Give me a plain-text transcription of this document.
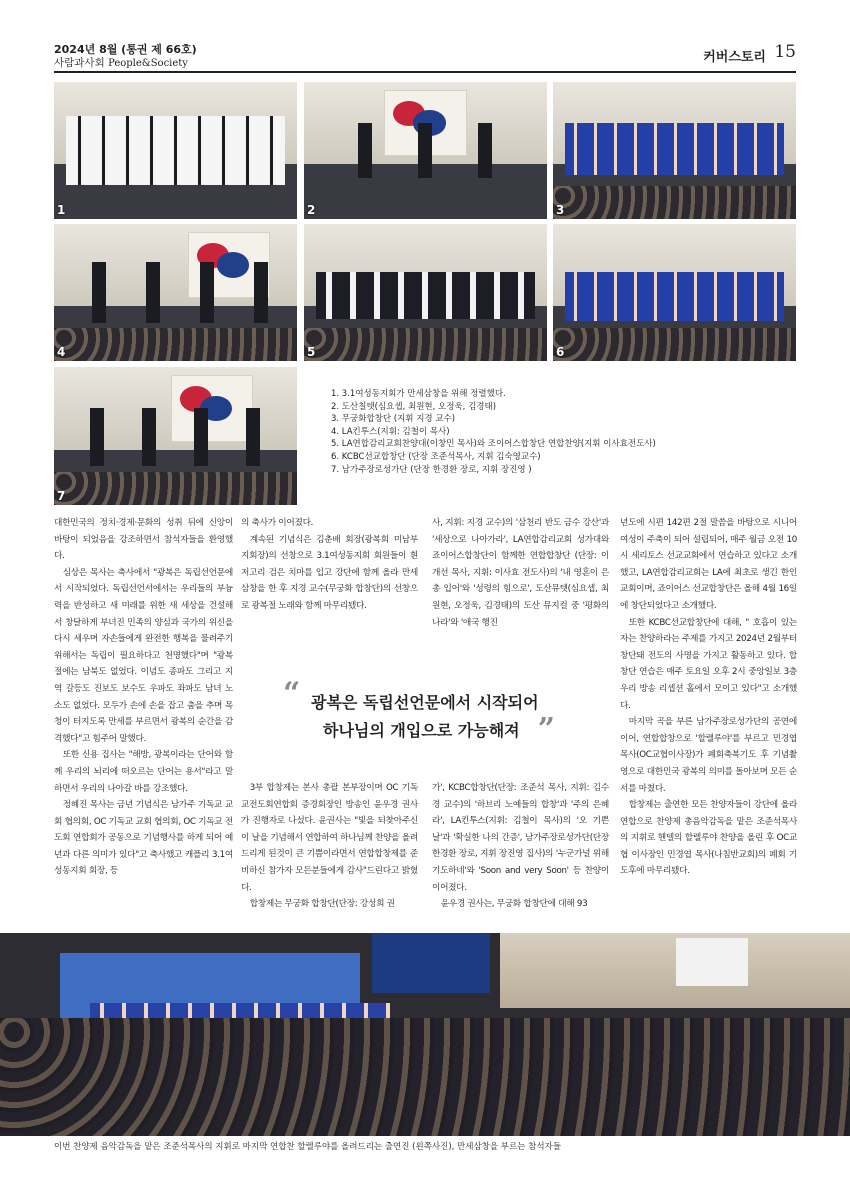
2024년 8월 (통권 제 66호)
사람과사회 People&Society	커버스토리 15
1	2	3
4	5	6
7
1. 3.1여성동지회가 만세삼창을 위해 정렬했다.
2. 도산칠텟(심요셉, 최원현, 오정욱, 김경태)
3. 무궁화합창단 (지휘 지경 교수)
4. LA킨투스(지휘: 김철이 목사)
5. LA연합감리교회찬양대(이창민 목사)와 조이어스합창단 연합찬양(지휘 이사효전도사)
6. KCBC선교합창단 (단장 조준석목사, 지휘 김숙영교수)
7. 남가주장로성가단 (단장 한경환 장로, 지휘 장진영 )

대한민국의 정치·경제·문화의 성취 뒤에 신앙이 바탕이 되었음을 강조하면서 참석자들을 환영했다.

심상은 목사는 축사에서 "광복은 독립선언문에서 시작되었다. 독립선언서에서는 우리들의 부늉력을 반성하고 새 미래를 위한 새 세상을 건설해서 창달하게 부녀진 민족의 양심과 국가의 위신을 다시 세우며 자손들에게 완전한 행복을 물려주기 위해서는 독립이 필요하다고 천명했다"며 "광복절에는 남북도 없었다. 이념도 종파도 그리고 지역 갈등도 진보도 보수도 우파도 좌파도 남녀 노소도 없었다. 모두가 손에 손을 잡고 춤을 추며 목청이 터지도록 만세를 부르면서 광복의 순간을 감격했다"고 힘주어 말했다.

또한 신용 집사는 "해방, 광복이라는 단어와 함께 우리의 뇌리에 떠오르는 단어는 용서"라고 말하면서 우리의 나아갈 바를 강조했다.

정혜진 목사는 금년 기념식은 남가주 기독교 교회 협의회, OC 기독교 교회 협의회, OC 기독교 전도회 연합회가 공동으로 기념행사를 하게 되어 예년과 다른 의미가 있다"고 축사했고 캐플리 3.1여성동지회 회장, 등

의 축사가 이어졌다.

계속된 기념식은 김춘배 회장(광복회 미남부 지회장)의 선창으로 3.1여성동지회 회원들이 흰저고리 검은 치마를 입고 강단에 함께 올라 만세삼창을 한 후 지경 교수(무궁화 합창단)의 선창으로 광복절 노래와 함께 마무리됐다.

사, 지휘: 지경 교수)의 '삼천리 반도 금수 강산'과 '세상으로 나아가라', LA연합감리교회 성가대와 죠이어스합창단이 함께한 연합합창단 (단장: 이개선 목사, 지휘: 이사효 전도사)의 '내 영혼이 은총 입어'와 '성령의 힘으로', 도산뮤텟(심요셉, 최원현, 오정욱, 김경태)의 도산 뮤지컬 중 '평화의 나라'와 '애국 행진

년도에 시편 142편 2절 말씀을 바탕으로 시니어 여성이 주축이 되어 설립되어, 매주 월금 오전 10시 세리토스 선교교회에서 연습하고 있다고 소개했고, LA연합감리교회는 LA에 최초로 생긴 한인교회이며, 죠이어스 선교합창단은 올해 4월 16일에 창단되었다고 소개했다.

또한 KCBC선교합창단에 대해, " 호흡이 있는 자는 찬양하라는 주제를 가지고 2024년 2월부터 창단돼 전도의 사명을 가지고 활동하고 있다. 합창단 연습은 매주 토요일 오후 2시 중앙일보 3층 우리 방송 리셉션 홀에서 모이고 있다"고 소개했다.

마지막 곡을 부른 남가주장로성가단의 공연에 이어, 연합합창으로 '할렐루야'를 부르고 민경엽 목사(OC교협이사장)가 폐회축복기도 후 기념촬영으로 대한민국 광복의 의미를 돌아보며 모든 순서를 마쳤다.

합창제는 출연한 모든 찬양자들이 강단에 올라 연합으로 찬양제 총음악감독을 맡은 조준석목사의 지휘로 헨델의 할렐루야 찬양을 올린 후 OC교협 이사장인 민경엽 목사(나침반교회)의 폐회 기도후에 마무리됐다.

“ 광복은 독립선언문에서 시작되어
하나님의 개입으로 가능해져 ”

3부 합창제는 본사 총괄 본부장이며 OC 기독교전도회연합회 증경회장인 방송인 윤우경 권사가 진행자로 나섰다. 윤권사는 "빛을 되찾아주신 이 날을 기념해서 연합하여 하나님께 찬양을 올려 드리게 된것이 큰 기쁨이라면서 연합합창제를 준비하신 참가자 모든분들에게 감사"드린다고 밝혔다.

합창제는 무궁화 합창단(단장: 강성희 권

가', KCBC합창단(단장: 조준석 목사, 지휘: 김수경 교수)의 '하브리 노예들의 합창'과 '주의 은혜라', LA킨투스(지휘: 김철이 목사)의 '오 기쁜 날'과 '확실한 나의 간증', 남가주장로성가단(단장 한경환 장로, 지휘 장진영 집사)의 '누군가널 위해 기도하네'와 'Soon and very Soon' 등 찬양이 이어졌다.

윤우경 권사는, 무궁화 합창단에 대해 93

이번 찬양제 음악감독을 맡은 조준석목사의 지휘로 마지막 연합찬 할렐루야를 올려드리는 출연진 (왼쪽사진), 만세삼창을 부르는 참석자들
